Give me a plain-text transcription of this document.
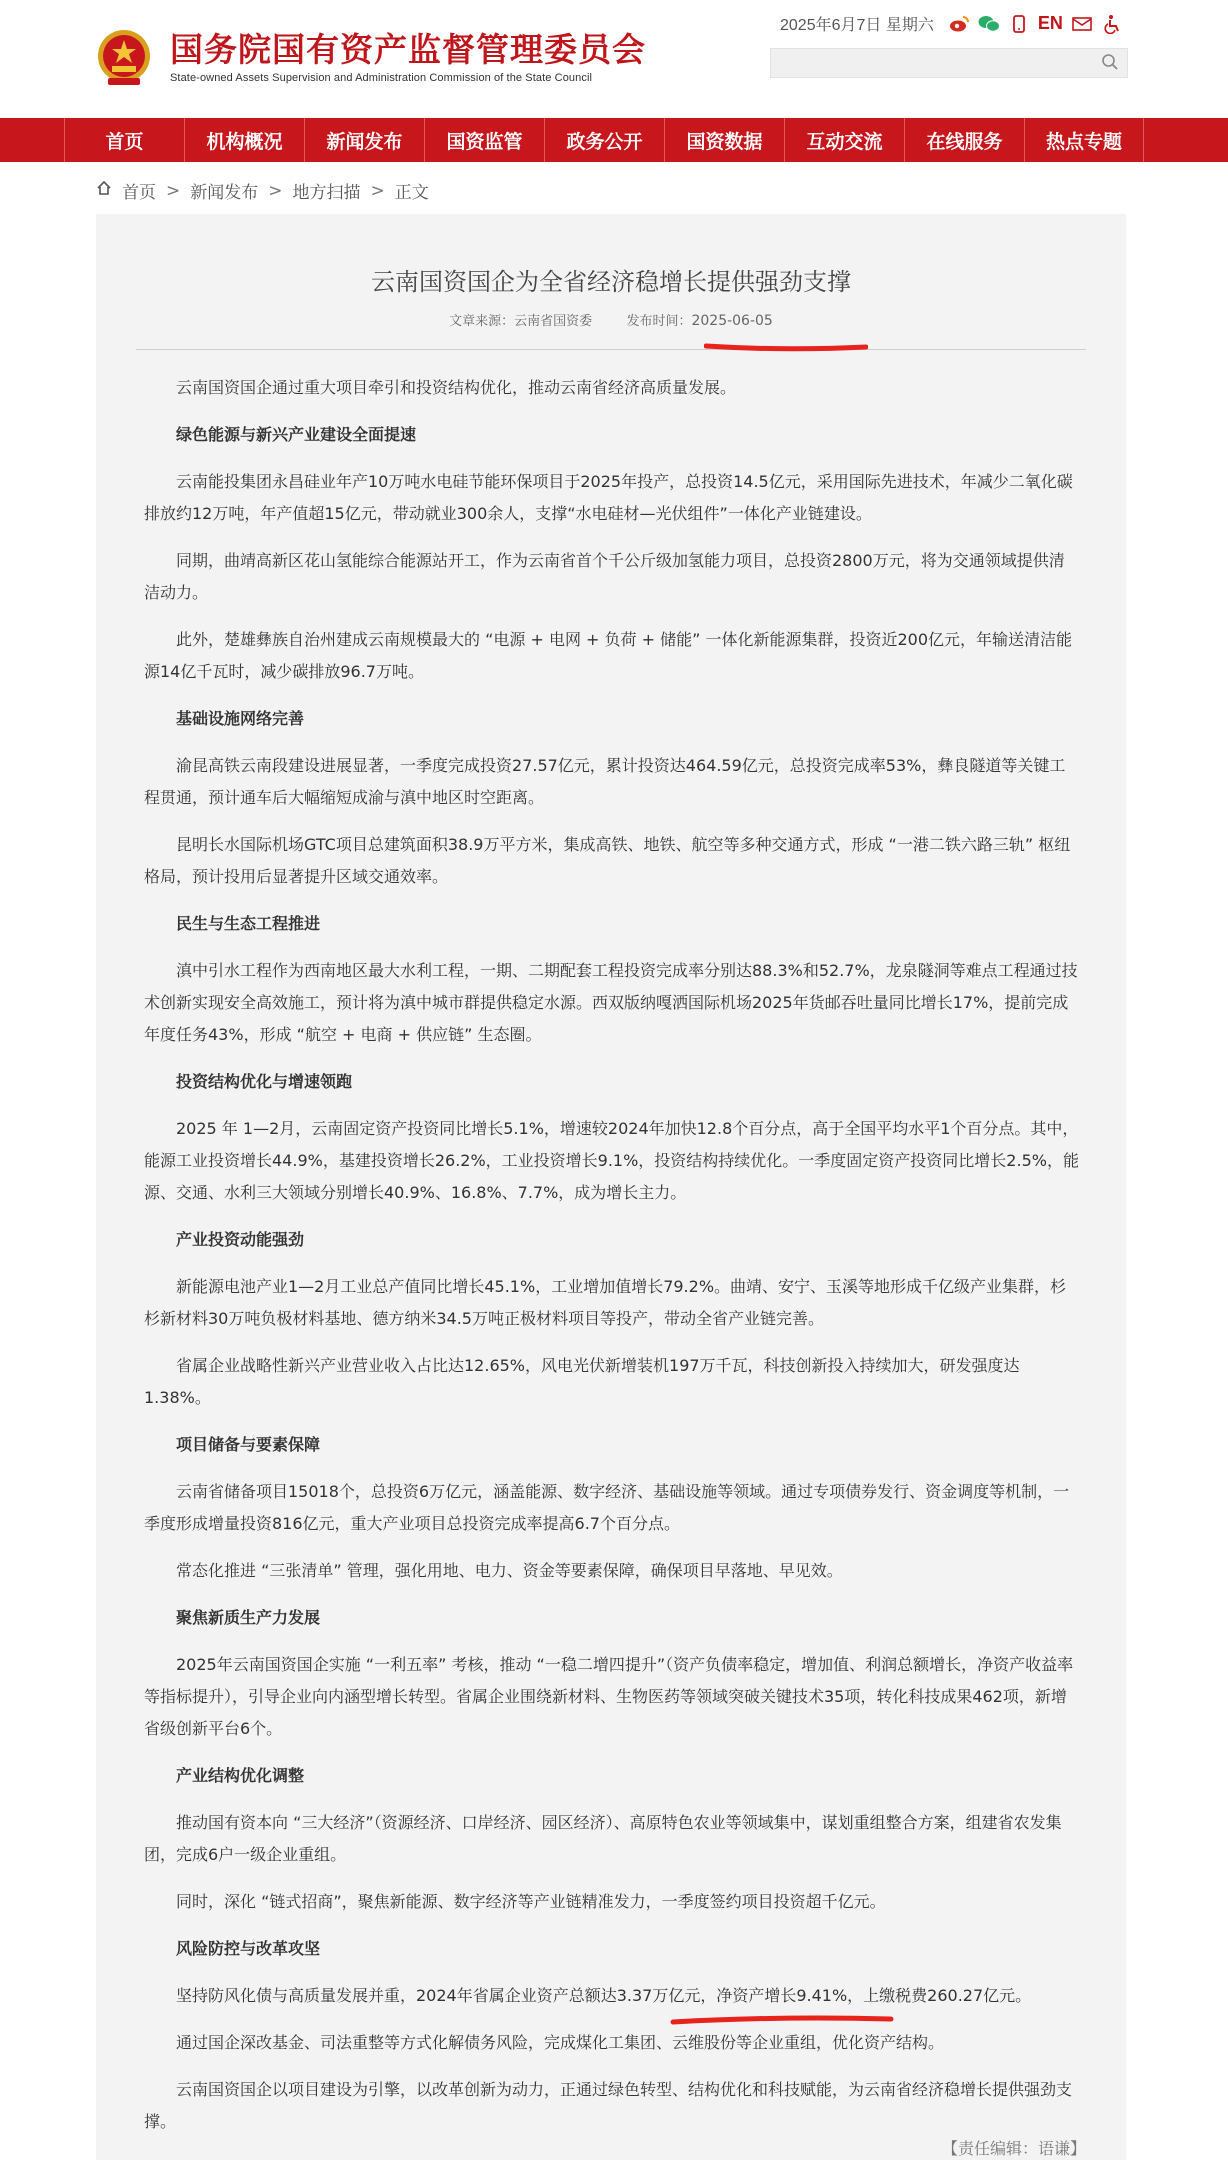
国务院国有资产监督管理委员会
State-owned Assets Supervision and Administration Commission of the State Council
2025年6月7日 星期六	EN
首页	机构概况	新闻发布	国资监管	政务公开	国资数据	互动交流	在线服务	热点专题
首页 > 新闻发布 > 地方扫描 > 正文
云南国资国企为全省经济稳增长提供强劲支撑
文章来源：云南省国资委	发布时间：2025-06-05

云南国资国企通过重大项目牵引和投资结构优化，推动云南省经济高质量发展。

绿色能源与新兴产业建设全面提速

云南能投集团永昌硅业年产10万吨水电硅节能环保项目于2025年投产，总投资14.5亿元，采用国际先进技术，年减少二氧化碳排放约12万吨，年产值超15亿元，带动就业300余人，支撑“水电硅材—光伏组件”一体化产业链建设。

同期，曲靖高新区花山氢能综合能源站开工，作为云南省首个千公斤级加氢能力项目，总投资2800万元，将为交通领域提供清洁动力。

此外，楚雄彝族自治州建成云南规模最大的 “电源 + 电网 + 负荷 + 储能” 一体化新能源集群，投资近200亿元，年输送清洁能源14亿千瓦时，减少碳排放96.7万吨。

基础设施网络完善

渝昆高铁云南段建设进展显著，一季度完成投资27.57亿元，累计投资达464.59亿元，总投资完成率53%，彝良隧道等关键工程贯通，预计通车后大幅缩短成渝与滇中地区时空距离。

昆明长水国际机场GTC项目总建筑面积38.9万平方米，集成高铁、地铁、航空等多种交通方式，形成 “一港二铁六路三轨” 枢纽格局，预计投用后显著提升区域交通效率。

民生与生态工程推进

滇中引水工程作为西南地区最大水利工程，一期、二期配套工程投资完成率分别达88.3%和52.7%，龙泉隧洞等难点工程通过技术创新实现安全高效施工，预计将为滇中城市群提供稳定水源。西双版纳嘎洒国际机场2025年货邮吞吐量同比增长17%，提前完成年度任务43%，形成 “航空 + 电商 + 供应链” 生态圈。

投资结构优化与增速领跑

2025 年 1—2月，云南固定资产投资同比增长5.1%，增速较2024年加快12.8个百分点，高于全国平均水平1个百分点。其中，能源工业投资增长44.9%，基建投资增长26.2%，工业投资增长9.1%，投资结构持续优化。一季度固定资产投资同比增长2.5%，能源、交通、水利三大领域分别增长40.9%、16.8%、7.7%，成为增长主力。

产业投资动能强劲

新能源电池产业1—2月工业总产值同比增长45.1%，工业增加值增长79.2%。曲靖、安宁、玉溪等地形成千亿级产业集群，杉杉新材料30万吨负极材料基地、德方纳米34.5万吨正极材料项目等投产，带动全省产业链完善。

省属企业战略性新兴产业营业收入占比达12.65%，风电光伏新增装机197万千瓦，科技创新投入持续加大，研发强度达1.38%。

项目储备与要素保障

云南省储备项目15018个，总投资6万亿元，涵盖能源、数字经济、基础设施等领域。通过专项债券发行、资金调度等机制，一季度形成增量投资816亿元，重大产业项目总投资完成率提高6.7个百分点。

常态化推进 “三张清单” 管理，强化用地、电力、资金等要素保障，确保项目早落地、早见效。

聚焦新质生产力发展

2025年云南国资国企实施 “一利五率” 考核，推动 “一稳二增四提升”（资产负债率稳定，增加值、利润总额增长，净资产收益率等指标提升），引导企业向内涵型增长转型。省属企业围绕新材料、生物医药等领域突破关键技术35项，转化科技成果462项，新增省级创新平台6个。

产业结构优化调整

推动国有资本向 “三大经济”（资源经济、口岸经济、园区经济）、高原特色农业等领域集中，谋划重组整合方案，组建省农发集团，完成6户一级企业重组。

同时，深化 “链式招商”，聚焦新能源、数字经济等产业链精准发力，一季度签约项目投资超千亿元。

风险防控与改革攻坚

坚持防风化债与高质量发展并重，2024年省属企业资产总额达3.37万亿元，净资产增长9.41%，上缴税费260.27亿元。

通过国企深改基金、司法重整等方式化解债务风险，完成煤化工集团、云维股份等企业重组，优化资产结构。

云南国资国企以项目建设为引擎，以改革创新为动力，正通过绿色转型、结构优化和科技赋能，为云南省经济稳增长提供强劲支撑。

【责任编辑：语谦】
